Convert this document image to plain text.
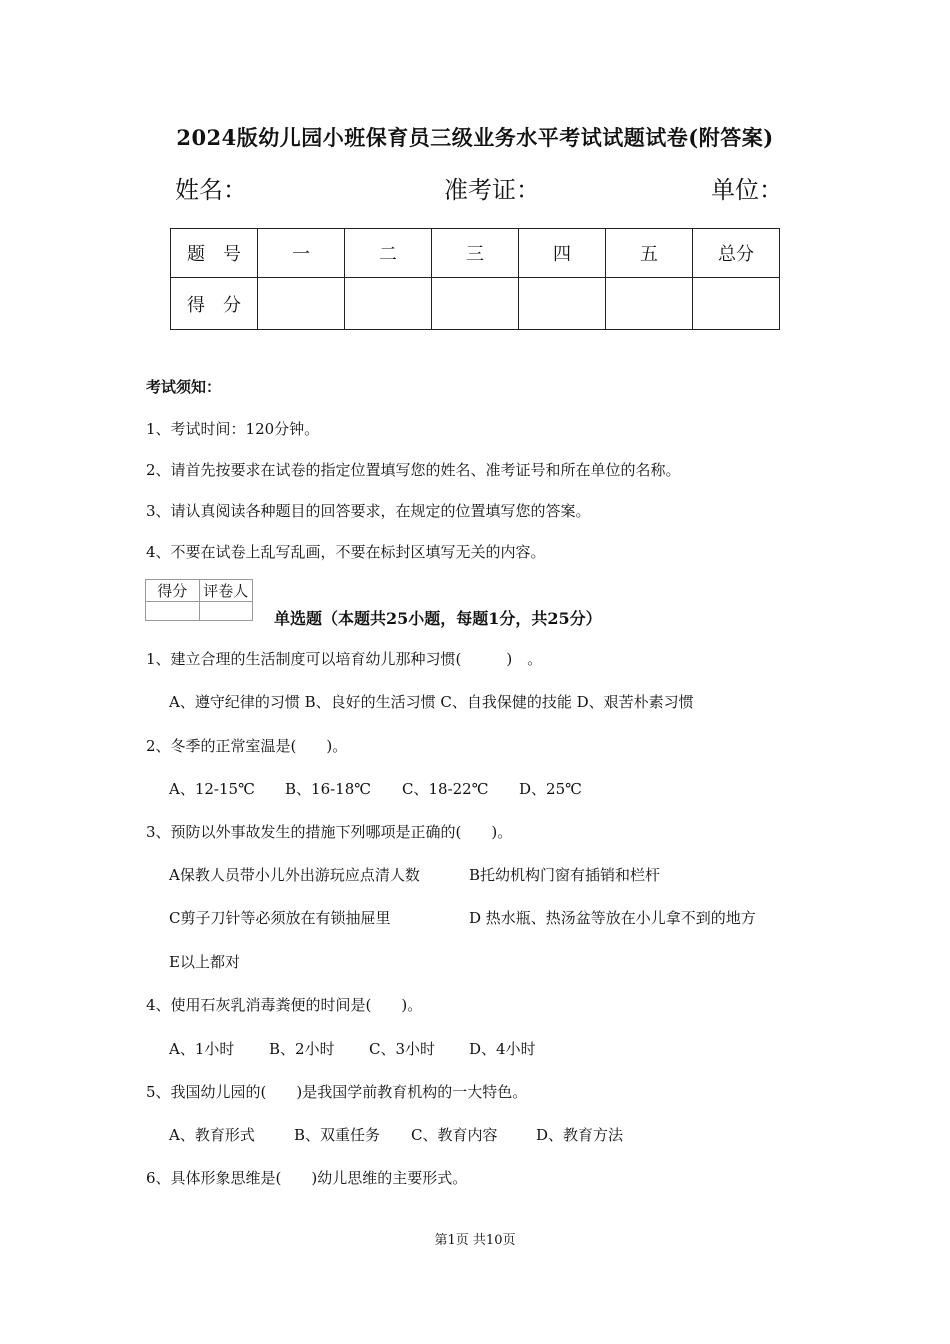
2024版幼儿园小班保育员三级业务水平考试试题试卷(附答案)
姓名：	准考证：	单位：
题　号	一	二	三	四	五	总分
得　分						
考试须知：
1、考试时间：120分钟。
2、请首先按要求在试卷的指定位置填写您的姓名、准考证号和所在单位的名称。
3、请认真阅读各种题目的回答要求，在规定的位置填写您的答案。
4、不要在试卷上乱写乱画，不要在标封区填写无关的内容。
得分	评卷人

单选题（本题共25小题，每题1分，共25分）
1、建立合理的生活制度可以培育幼儿那种习惯(　　　)　。
A、遵守纪律的习惯 B、良好的生活习惯 C、自我保健的技能 D、艰苦朴素习惯
2、冬季的正常室温是(　　)。
A、12-15℃ B、16-18℃ C、18-22℃ D、25℃
3、预防以外事故发生的措施下列哪项是正确的(　　)。
A保教人员带小儿外出游玩应点清人数	B托幼机构门窗有插销和栏杆
C剪子刀针等必须放在有锁抽屉里	D 热水瓶、热汤盆等放在小儿拿不到的地方
E以上都对
4、使用石灰乳消毒粪便的时间是(　　)。
A、1小时 B、2小时 C、3小时 D、4小时
5、我国幼儿园的(　　)是我国学前教育机构的一大特色。
A、教育形式	B、双重任务 C、教育内容	D、教育方法
6、具体形象思维是(　　)幼儿思维的主要形式。
第1页 共10页
